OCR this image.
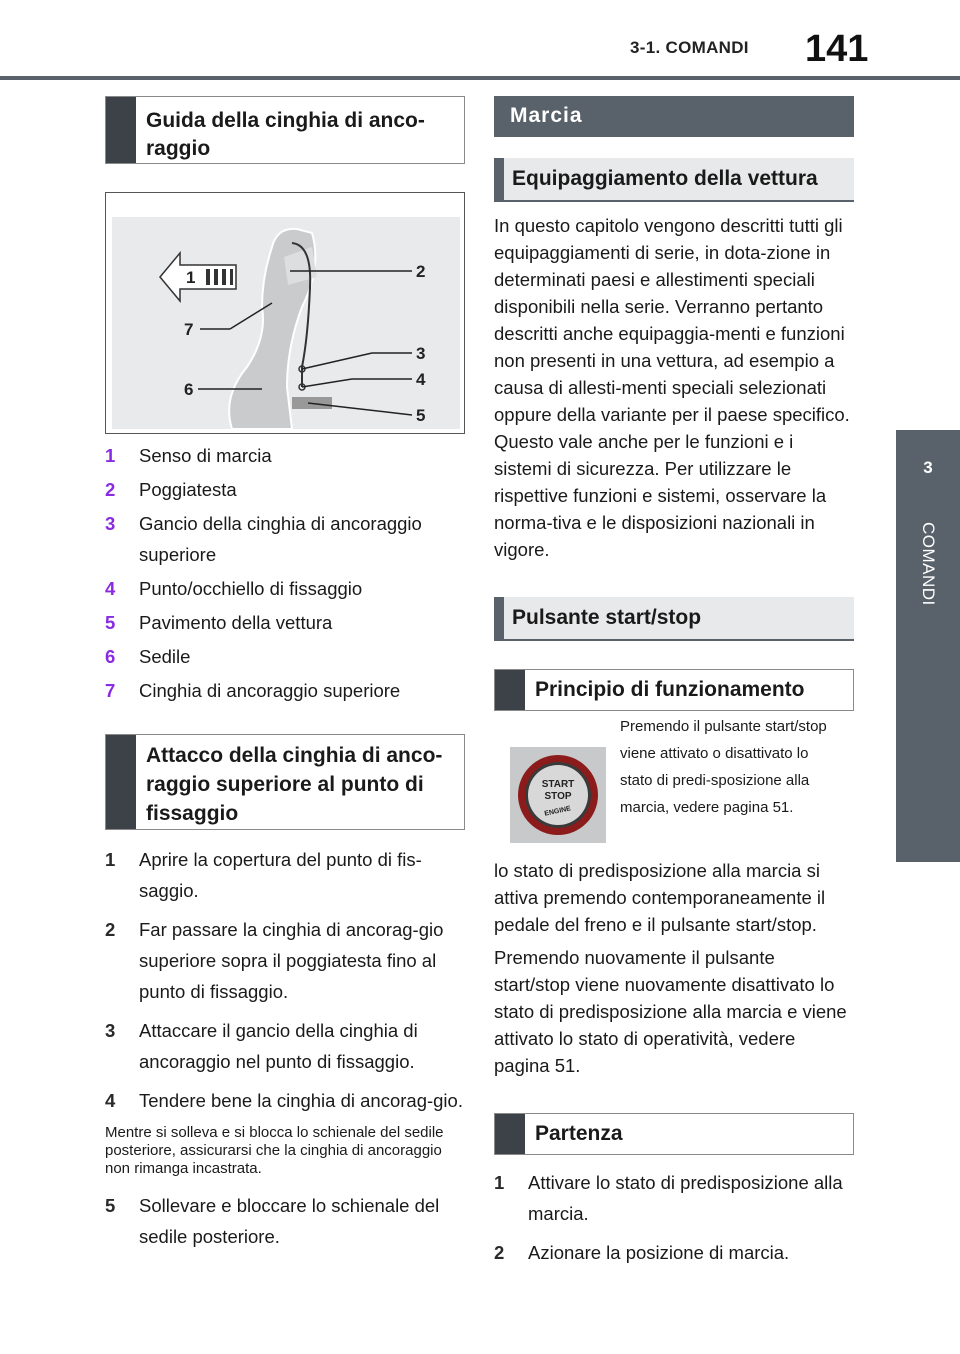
3-1. COMANDI 141
3
COMANDI
Guida della cinghia di anco-raggio
1	2
3
4
5
6
7
1	Senso di marcia
2	Poggiatesta
3	Gancio della cinghia di ancoraggio superiore
4	Punto/occhiello di fissaggio
5	Pavimento della vettura
6	Sedile
7	Cinghia di ancoraggio superiore
Attacco della cinghia di anco-raggio superiore al punto di fissaggio
1	Aprire la copertura del punto di fis-saggio.
2	Far passare la cinghia di ancorag-gio superiore sopra il poggiatesta fino al punto di fissaggio.
3	Attaccare il gancio della cinghia di ancoraggio nel punto di fissaggio.
4	Tendere bene la cinghia di ancorag-gio.
Mentre si solleva e si blocca lo schienale del sedile posteriore, assicurarsi che la cinghia di ancoraggio non rimanga incastrata.
5	Sollevare e bloccare lo schienale del sedile posteriore.
Marcia
Equipaggiamento della vettura
In questo capitolo vengono descritti tutti gli equipaggiamenti di serie, in dota-zione in determinati paesi e allestimenti speciali disponibili nella serie. Verranno pertanto descritti anche equipaggia-menti e funzioni non presenti in una vettura, ad esempio a causa di allesti-menti speciali selezionati oppure della variante per il paese specifico. Questo vale anche per le funzioni e i sistemi di sicurezza. Per utilizzare le rispettive funzioni e sistemi, osservare la norma-tiva e le disposizioni nazionali in vigore.
Pulsante start/stop
Principio di funzionamento
START
STOP
ENGINE
Premendo il pulsante start/stop viene attivato o disattivato lo stato di predi-sposizione alla marcia, vedere pagina 51.
lo stato di predisposizione alla marcia si attiva premendo contemporaneamente il pedale del freno e il pulsante start/stop.
Premendo nuovamente il pulsante start/stop viene nuovamente disattivato lo stato di predisposizione alla marcia e viene attivato lo stato di operatività, vedere pagina 51.
Partenza
1	Attivare lo stato di predisposizione alla marcia.
2	Azionare la posizione di marcia.
